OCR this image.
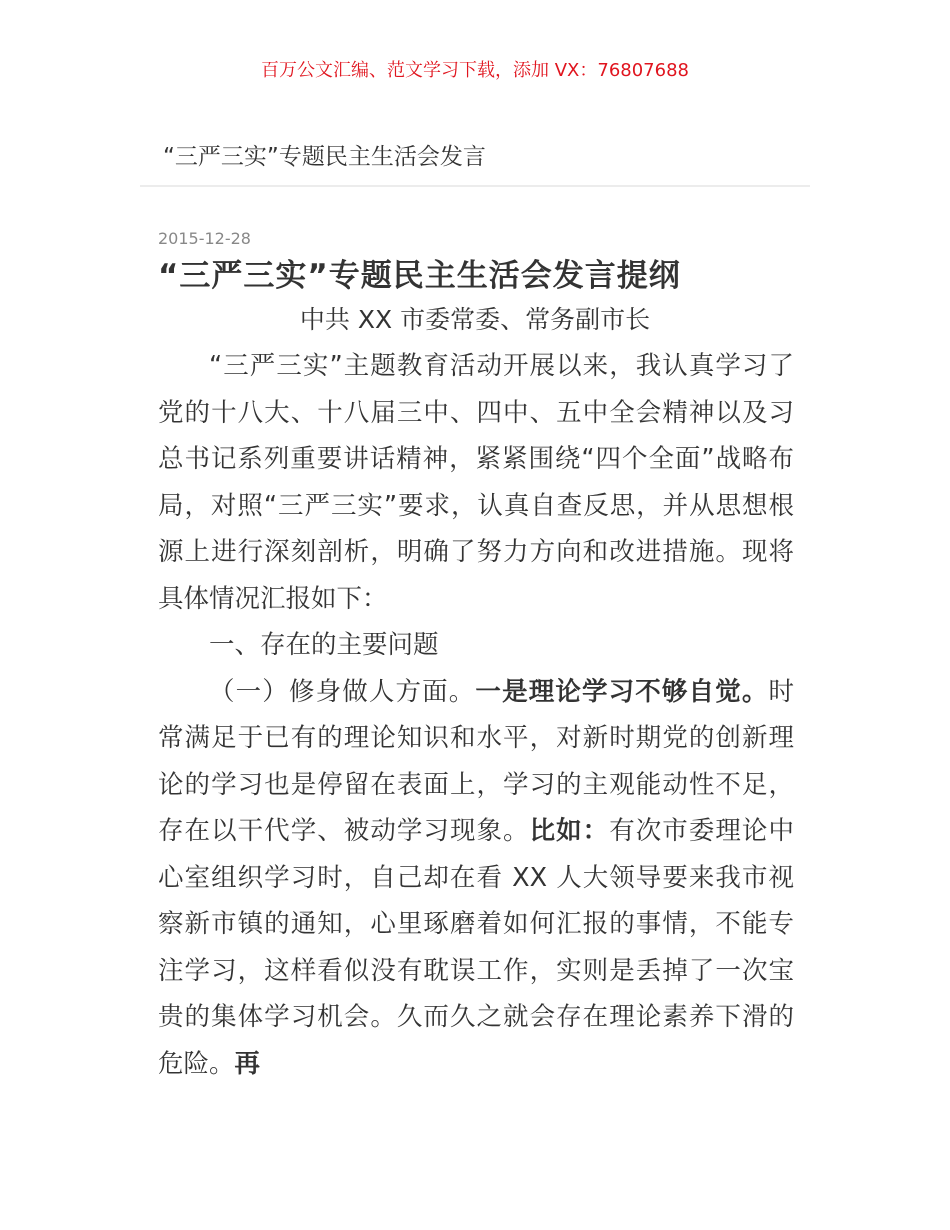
百万公文汇编、范文学习下载，添加 VX：76807688
“三严三实”专题民主生活会发言
2015-12-28
“三严三实”专题民主生活会发言提纲
中共 XX 市委常委、常务副市长

“三严三实”主题教育活动开展以来，我认真学习了党的十八大、十八届三中、四中、五中全会精神以及习总书记系列重要讲话精神，紧紧围绕“四个全面”战略布局，对照“三严三实”要求，认真自查反思，并从思想根源上进行深刻剖析，明确了努力方向和改进措施。现将具体情况汇报如下：

一、存在的主要问题

（一）修身做人方面。一是理论学习不够自觉。时常满足于已有的理论知识和水平，对新时期党的创新理论的学习也是停留在表面上，学习的主观能动性不足，存在以干代学、被动学习现象。比如：有次市委理论中心室组织学习时，自己却在看 XX 人大领导要来我市视察新市镇的通知，心里琢磨着如何汇报的事情，不能专注学习，这样看似没有耽误工作，实则是丢掉了一次宝贵的集体学习机会。久而久之就会存在理论素养下滑的危险。再
